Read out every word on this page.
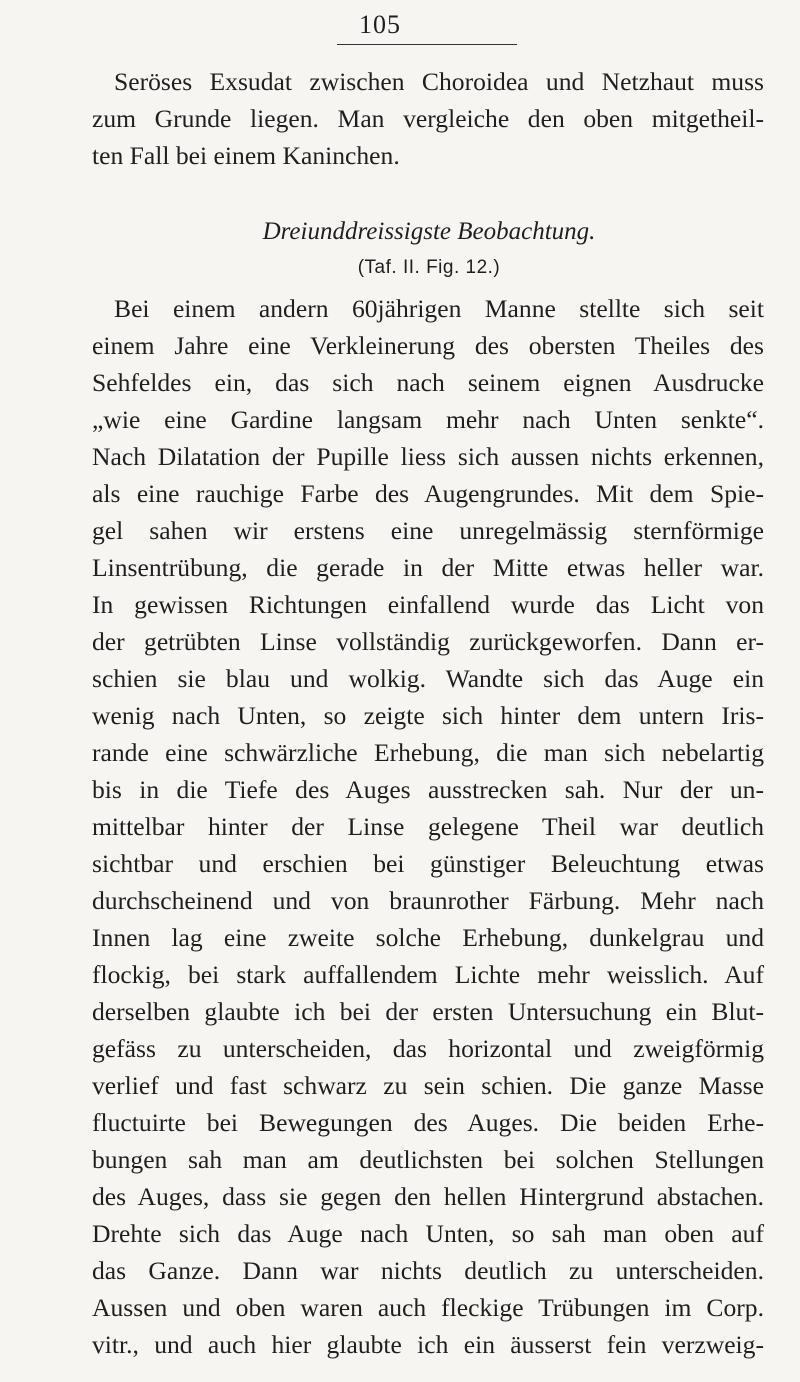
105
Seröses Exsudat zwischen Choroidea und Netzhaut muss
zum Grunde liegen. Man vergleiche den oben mitgetheil-
ten Fall bei einem Kaninchen.
Dreiunddreissigste Beobachtung.
(Taf. II. Fig. 12.)
Bei einem andern 60jährigen Manne stellte sich seit
einem Jahre eine Verkleinerung des obersten Theiles des
Sehfeldes ein, das sich nach seinem eignen Ausdrucke
„wie eine Gardine langsam mehr nach Unten senkte“.
Nach Dilatation der Pupille liess sich aussen nichts erkennen,
als eine rauchige Farbe des Augengrundes. Mit dem Spie-
gel sahen wir erstens eine unregelmässig sternförmige
Linsentrübung, die gerade in der Mitte etwas heller war.
In gewissen Richtungen einfallend wurde das Licht von
der getrübten Linse vollständig zurückgeworfen. Dann er-
schien sie blau und wolkig. Wandte sich das Auge ein
wenig nach Unten, so zeigte sich hinter dem untern Iris-
rande eine schwärzliche Erhebung, die man sich nebelartig
bis in die Tiefe des Auges ausstrecken sah. Nur der un-
mittelbar hinter der Linse gelegene Theil war deutlich
sichtbar und erschien bei günstiger Beleuchtung etwas
durchscheinend und von braunrother Färbung. Mehr nach
Innen lag eine zweite solche Erhebung, dunkelgrau und
flockig, bei stark auffallendem Lichte mehr weisslich. Auf
derselben glaubte ich bei der ersten Untersuchung ein Blut-
gefäss zu unterscheiden, das horizontal und zweigförmig
verlief und fast schwarz zu sein schien. Die ganze Masse
fluctuirte bei Bewegungen des Auges. Die beiden Erhe-
bungen sah man am deutlichsten bei solchen Stellungen
des Auges, dass sie gegen den hellen Hintergrund abstachen.
Drehte sich das Auge nach Unten, so sah man oben auf
das Ganze. Dann war nichts deutlich zu unterscheiden.
Aussen und oben waren auch fleckige Trübungen im Corp.
vitr., und auch hier glaubte ich ein äusserst fein verzweig-
